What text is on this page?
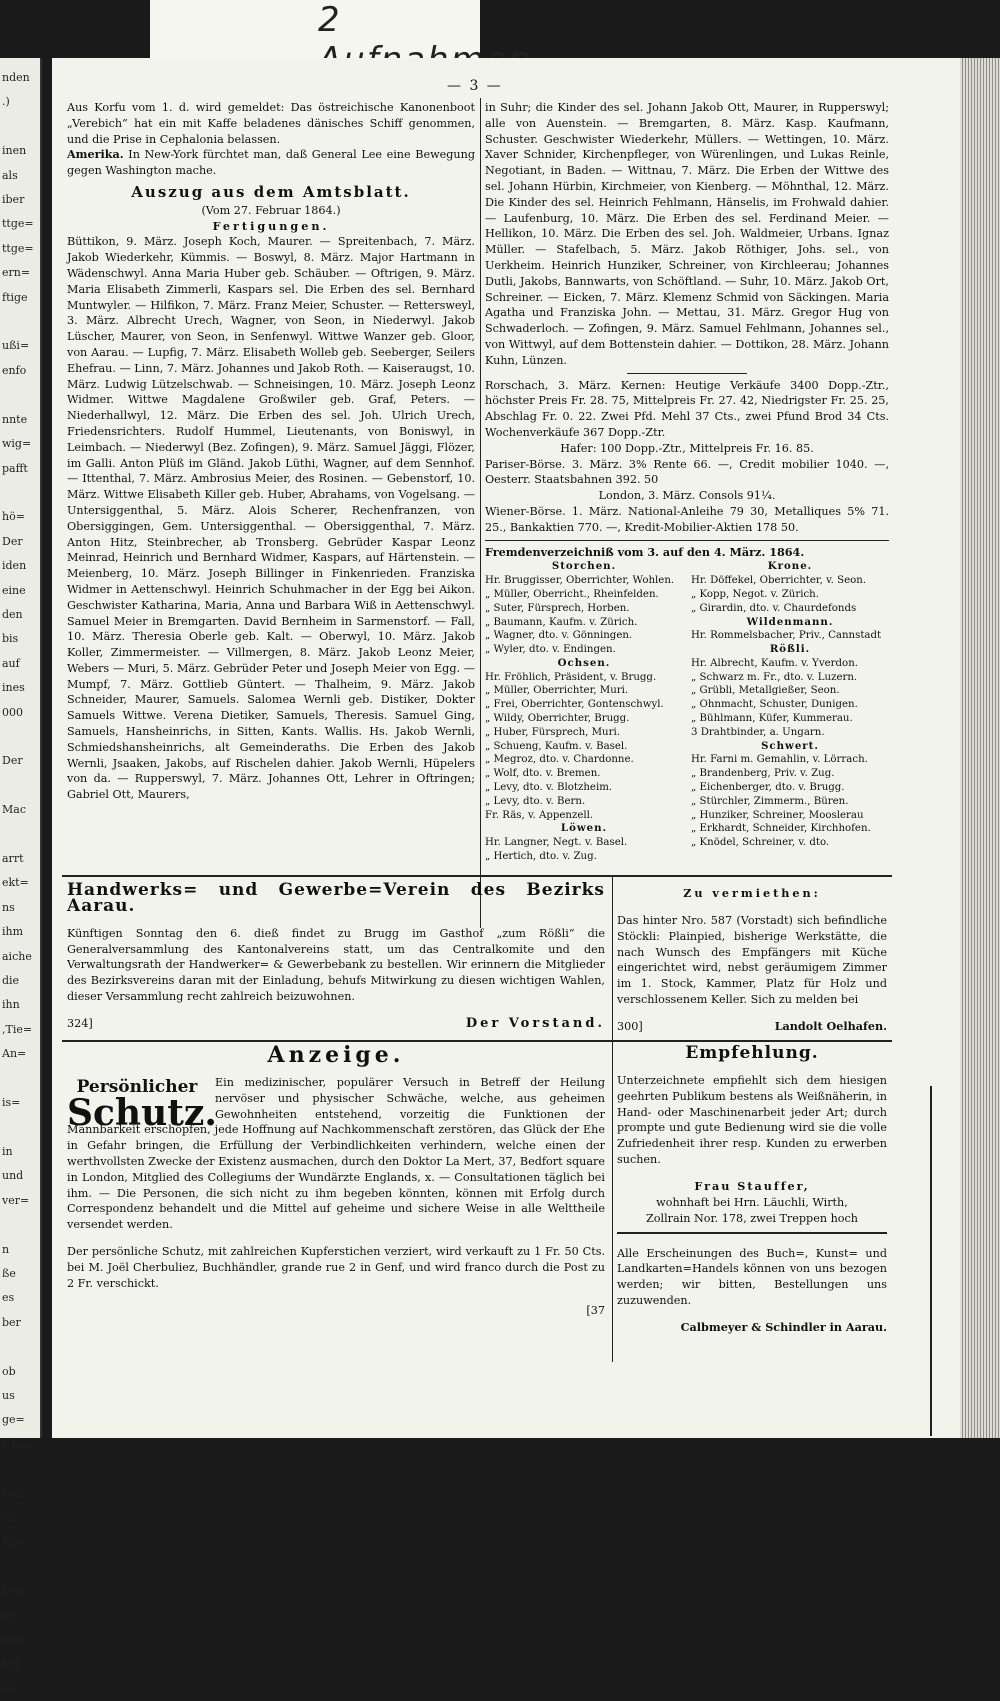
2
nden
.)

inen
als
iber
ttge=
ttge=
ern=
ftige

ußi=
enfo

nnte
wig=
pafft

hö=
Der
iden
eine
den
bis
auf
ines
000

Der

Mac

arrt
ekt=
ns
ihm
aiche
die
ihn
,Tie=
An=

is=

in
und
ver=

n
ße
es
ber

ob
us
ge=
ichen

ben
en
Eli=

ben
ie=
ung
ber
ie=
— 3 —

Aus Korfu vom 1. d. wird gemeldet: Das östreichische Kanonenboot „Verebich“ hat ein mit Kaffe beladenes dänisches Schiff genommen, und die Prise in Cephalonia belassen.

Amerika. In New-York fürchtet man, daß General Lee eine Bewegung gegen Washington mache.

Auszug aus dem Amtsblatt.
(Vom 27. Februar 1864.)
Fertigungen.

Büttikon, 9. März. Joseph Koch, Maurer. — Spreitenbach, 7. März. Jakob Wiederkehr, Kümmis. — Boswyl, 8. März. Major Hartmann in Wädenschwyl. Anna Maria Huber geb. Schäuber. — Oftrigen, 9. März. Maria Elisabeth Zimmerli, Kaspars sel. Die Erben des sel. Bernhard Muntwyler. — Hilfikon, 7. März. Franz Meier, Schuster. — Rettersweyl, 3. März. Albrecht Urech, Wagner, von Seon, in Niederwyl. Jakob Lüscher, Maurer, von Seon, in Senfenwyl. Wittwe Wanzer geb. Gloor, von Aarau. — Lupfig, 7. März. Elisabeth Wolleb geb. Seeberger, Seilers Ehefrau. — Linn, 7. März. Johannes und Jakob Roth. — Kaiseraugst, 10. März. Ludwig Lützelschwab. — Schneisingen, 10. März. Joseph Leonz Widmer. Wittwe Magdalene Großwiler geb. Graf, Peters. — Niederhallwyl, 12. März. Die Erben des sel. Joh. Ulrich Urech, Friedensrichters. Rudolf Hummel, Lieutenants, von Boniswyl, in Leimbach. — Niederwyl (Bez. Zofingen), 9. März. Samuel Jäggi, Flözer, im Galli. Anton Plüß im Gländ. Jakob Lüthi, Wagner, auf dem Sennhof. — Ittenthal, 7. März. Ambrosius Meier, des Rosinen. — Gebenstorf, 10. März. Wittwe Elisabeth Killer geb. Huber, Abrahams, von Vogelsang. — Untersiggenthal, 5. März. Alois Scherer, Rechenfranzen, von Obersiggingen, Gem. Untersiggenthal. — Obersiggenthal, 7. März. Anton Hitz, Steinbrecher, ab Tronsberg. Gebrüder Kaspar Leonz Meinrad, Heinrich und Bernhard Widmer, Kaspars, auf Härtenstein. — Meienberg, 10. März. Joseph Billinger in Finkenrieden. Franziska Widmer in Aettenschwyl. Heinrich Schuhmacher in der Egg bei Aikon. Geschwister Katharina, Maria, Anna und Barbara Wiß in Aettenschwyl. Samuel Meier in Bremgarten. David Bernheim in Sarmenstorf. — Fall, 10. März. Theresia Oberle geb. Kalt. — Oberwyl, 10. März. Jakob Koller, Zimmermeister. — Villmergen, 8. März. Jakob Leonz Meier, Webers — Muri, 5. März. Gebrüder Peter und Joseph Meier von Egg. — Mumpf, 7. März. Gottlieb Güntert. — Thalheim, 9. März. Jakob Schneider, Maurer, Samuels. Salomea Wernli geb. Distiker, Dokter Samuels Wittwe. Verena Dietiker, Samuels, Theresis. Samuel Ging, Samuels, Hansheinrichs, in Sitten, Kants. Wallis. Hs. Jakob Wernli, Schmiedshansheinrichs, alt Gemeinderaths. Die Erben des Jakob Wernli, Jsaaken, Jakobs, auf Rischelen dahier. Jakob Wernli, Hüpelers von da. — Rupperswyl, 7. März. Johannes Ott, Lehrer in Oftringen; Gabriel Ott, Maurers,

in Suhr; die Kinder des sel. Johann Jakob Ott, Maurer, in Rupperswyl; alle von Auenstein. — Bremgarten, 8. März. Kasp. Kaufmann, Schuster. Geschwister Wiederkehr, Müllers. — Wettingen, 10. März. Xaver Schnider, Kirchenpfleger, von Würenlingen, und Lukas Reinle, Negotiant, in Baden. — Wittnau, 7. März. Die Erben der Wittwe des sel. Johann Hürbin, Kirchmeier, von Kienberg. — Möhnthal, 12. März. Die Kinder des sel. Heinrich Fehlmann, Hänselis, im Frohwald dahier. — Laufenburg, 10. März. Die Erben des sel. Ferdinand Meier. — Hellikon, 10. März. Die Erben des sel. Joh. Waldmeier, Urbans. Ignaz Müller. — Stafelbach, 5. März. Jakob Röthiger, Johs. sel., von Uerkheim. Heinrich Hunziker, Schreiner, von Kirchleerau; Johannes Dutli, Jakobs, Bannwarts, von Schöftland. — Suhr, 10. März. Jakob Ort, Schreiner. — Eicken, 7. März. Klemenz Schmid von Säckingen. Maria Agatha und Franziska John. — Mettau, 31. März. Gregor Hug von Schwaderloch. — Zofingen, 9. März. Samuel Fehlmann, Johannes sel., von Wittwyl, auf dem Bottenstein dahier. — Dottikon, 28. März. Johann Kuhn, Lünzen.

Rorschach, 3. März. Kernen: Heutige Verkäufe 3400 Dopp.-Ztr., höchster Preis Fr. 28. 75, Mittelpreis Fr. 27. 42, Niedrigster Fr. 25. 25, Abschlag Fr. 0. 22. Zwei Pfd. Mehl 37 Cts., zwei Pfund Brod 34 Cts. Wochenverkäufe 367 Dopp.-Ztr.

Hafer: 100 Dopp.-Ztr., Mittelpreis Fr. 16. 85.

Pariser-Börse. 3. März. 3% Rente 66. —, Credit mobilier 1040. —, Oesterr. Staatsbahnen 392. 50

London, 3. März. Consols 91¼.

Wiener-Börse. 1. März. National-Anleihe 79 30, Metalliques 5% 71. 25., Bankaktien 770. —, Kredit-Mobilier-Aktien 178 50.

Fremdenverzeichniß vom 3. auf den 4. März. 1864.
Storchen.
Hr. Bruggisser, Oberrichter, Wohlen.
„ Müller, Oberricht., Rheinfelden.
„ Suter, Fürsprech, Horben.
„ Baumann, Kaufm. v. Zürich.
„ Wagner, dto. v. Gönningen.
„ Wyler, dto. v. Endingen.
Ochsen.
Hr. Fröhlich, Präsident, v. Brugg.
„ Müller, Oberrichter, Muri.
„ Frei, Oberrichter, Gontenschwyl.
„ Wildy, Oberrichter, Brugg.
„ Huber, Fürsprech, Muri.
„ Schueng, Kaufm. v. Basel.
„ Megroz, dto. v. Chardonne.
„ Wolf, dto. v. Bremen.
„ Levy, dto. v. Blotzheim.
„ Levy, dto. v. Bern.
Fr. Räs, v. Appenzell.
Löwen.
Hr. Langner, Negt. v. Basel.
„ Hertich, dto. v. Zug.
Krone.
Hr. Döffekel, Oberrichter, v. Seon.
„ Kopp, Negot. v. Zürich.
„ Girardin, dto. v. Chaurdefonds
Wildenmann.
Hr. Rommelsbacher, Priv., Cannstadt
Rößli.
Hr. Albrecht, Kaufm. v. Yverdon.
„ Schwarz m. Fr., dto. v. Luzern.
„ Grübli, Metallgießer, Seon.
„ Ohnmacht, Schuster, Dunigen.
„ Bühlmann, Küfer, Kummerau.
3 Drahtbinder, a. Ungarn.
Schwert.
Hr. Farni m. Gemahlin, v. Lörrach.
„ Brandenberg, Priv. v. Zug.
„ Eichenberger, dto. v. Brugg.
„ Stürchler, Zimmerm., Büren.
„ Hunziker, Schreiner, Mooslerau
„ Erkhardt, Schneider, Kirchhofen.
„ Knödel, Schreiner, v. dto.
Handwerks= und Gewerbe=Verein des Bezirks Aarau.

Künftigen Sonntag den 6. dieß findet zu Brugg im Gasthof „zum Rößli“ die Generalversammlung des Kantonalvereins statt, um das Centralkomite und den Verwaltungsrath der Handwerker= & Gewerbebank zu bestellen. Wir erinnern die Mitglieder des Bezirksvereins daran mit der Einladung, behufs Mitwirkung zu diesen wichtigen Wahlen, dieser Versammlung recht zahlreich beizuwohnen.

324]	Der Vorstand.
Zu vermiethen:

Das hinter Nro. 587 (Vorstadt) sich befindliche Stöckli: Plainpied, bisherige Werkstätte, die nach Wunsch des Empfängers mit Küche eingerichtet wird, nebst geräumigem Zimmer im 1. Stock, Kammer, Platz für Holz und verschlossenem Keller. Sich zu melden bei

300]	Landolt Oelhafen.
Anzeige.
Persönlicher
Schutz.

Ein medizinischer, populärer Versuch in Betreff der Heilung nervöser und physischer Schwäche, welche, aus geheimen Gewohnheiten entstehend, vorzeitig die Funktionen der Mannbarkeit erschöpfen, jede Hoffnung auf Nachkommenschaft zerstören, das Glück der Ehe in Gefahr bringen, die Erfüllung der Verbindlichkeiten verhindern, welche einen der werthvollsten Zwecke der Existenz ausmachen, durch den Doktor La Mert, 37, Bedfort square in London, Mitglied des Collegiums der Wundärzte Englands, x. — Consultationen täglich bei ihm. — Die Personen, die sich nicht zu ihm begeben könnten, können mit Erfolg durch Correspondenz behandelt und die Mittel auf geheime und sichere Weise in alle Welttheile versendet werden.

Der persönliche Schutz, mit zahlreichen Kupferstichen verziert, wird verkauft zu 1 Fr. 50 Cts. bei M. Joël Cherbuliez, Buchhändler, grande rue 2 in Genf, und wird franco durch die Post zu 2 Fr. verschickt.

[37
Empfehlung.

Unterzeichnete empfiehlt sich dem hiesigen geehrten Publikum bestens als Weißnäherin, in Hand- oder Maschinenarbeit jeder Art; durch prompte und gute Bedienung wird sie die volle Zufriedenheit ihrer resp. Kunden zu erwerben suchen.

Frau Stauffer,
wohnhaft bei Hrn. Läuchli, Wirth,
Zollrain Nor. 178, zwei Treppen hoch

Alle Erscheinungen des Buch=, Kunst= und Landkarten=Handels können von uns bezogen werden; wir bitten, Bestellungen uns zuzuwenden.

Calbmeyer & Schindler in Aarau.
